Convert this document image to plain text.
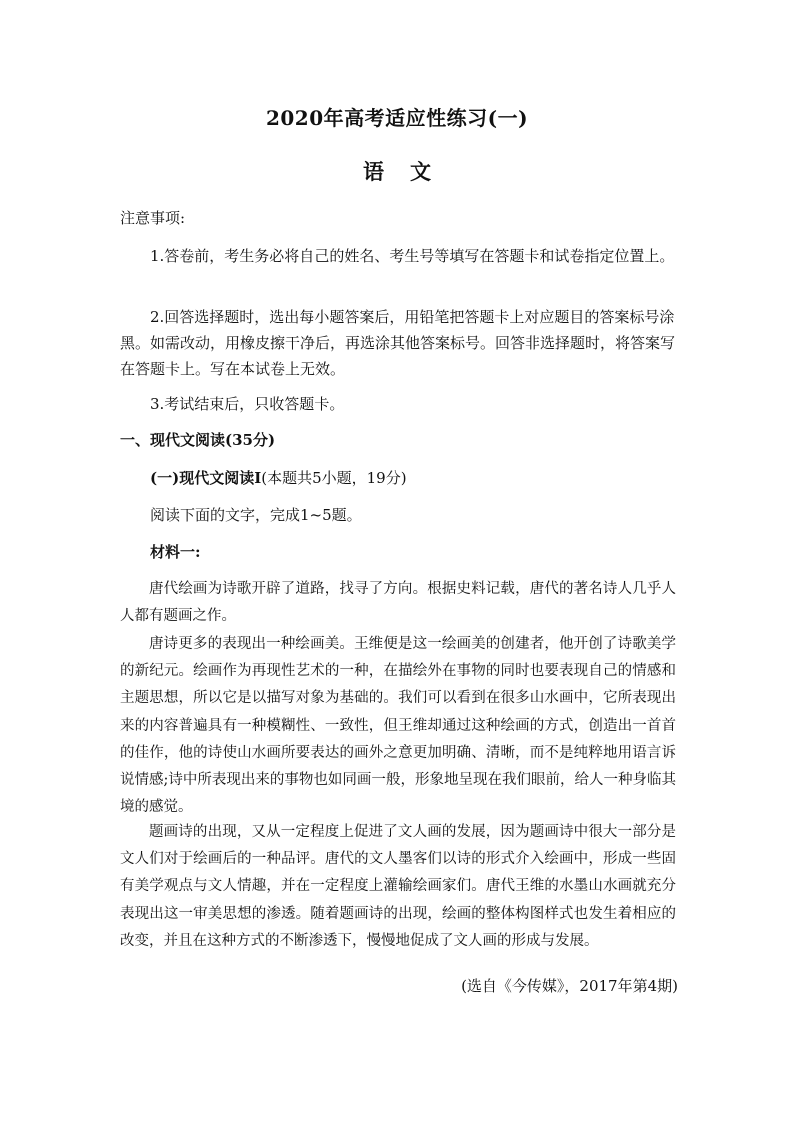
2020年高考适应性练习(一)
语文
注意事项:
1.答卷前，考生务必将自己的姓名、考生号等填写在答题卡和试卷指定位置上。
2.回答选择题时，选出每小题答案后，用铅笔把答题卡上对应题目的答案标号涂黑。如需改动，用橡皮擦干净后，再选涂其他答案标号。回答非选择题时，将答案写在答题卡上。写在本试卷上无效。
3.考试结束后，只收答题卡。
一、现代文阅读(35分)
(一)现代文阅读Ⅰ(本题共5小题，19分)
阅读下面的文字，完成1~5题。
材料一:
唐代绘画为诗歌开辟了道路，找寻了方向。根据史料记载，唐代的著名诗人几乎人人都有题画之作。
唐诗更多的表现出一种绘画美。王维便是这一绘画美的创建者，他开创了诗歌美学的新纪元。绘画作为再现性艺术的一种，在描绘外在事物的同时也要表现自己的情感和主题思想，所以它是以描写对象为基础的。我们可以看到在很多山水画中，它所表现出来的内容普遍具有一种模糊性、一致性，但王维却通过这种绘画的方式，创造出一首首的佳作，他的诗使山水画所要表达的画外之意更加明确、清晰，而不是纯粹地用语言诉说情感;诗中所表现出来的事物也如同画一般，形象地呈现在我们眼前，给人一种身临其境的感觉。
题画诗的出现，又从一定程度上促进了文人画的发展，因为题画诗中很大一部分是文人们对于绘画后的一种品评。唐代的文人墨客们以诗的形式介入绘画中，形成一些固有美学观点与文人情趣，并在一定程度上灌输绘画家们。唐代王维的水墨山水画就充分表现出这一审美思想的渗透。随着题画诗的出现，绘画的整体构图样式也发生着相应的改变，并且在这种方式的不断渗透下，慢慢地促成了文人画的形成与发展。
(选自《今传媒》，2017年第4期)
